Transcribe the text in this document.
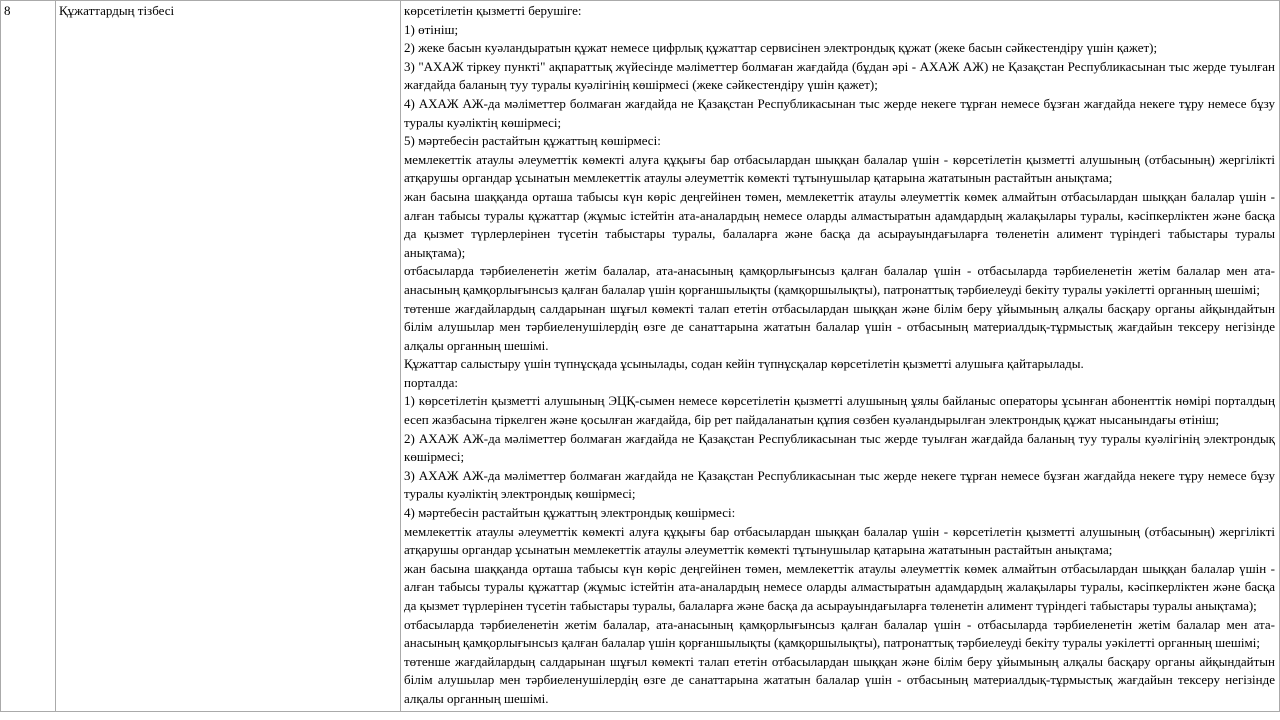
8	Құжаттардың тізбесі	көрсетілетін қызметті берушіге:

1) өтініш;

2) жеке басын куәландыратын құжат немесе цифрлық құжаттар сервисінен электрондық құжат (жеке басын сәйкестендіру үшін қажет);

3) "АХАЖ тіркеу пункті" ақпараттық жүйесінде мәліметтер болмаған жағдайда (бұдан әрі - АХАЖ АЖ) не Қазақстан Республикасынан тыс жерде туылған жағдайда баланың туу туралы куәлігінің көшірмесі (жеке сәйкестендіру үшін қажет);

4) АХАЖ АЖ-да мәліметтер болмаған жағдайда не Қазақстан Республикасынан тыс жерде некеге тұрған немесе бұзған жағдайда некеге тұру немесе бұзу туралы куәліктің көшірмесі;

5) мәртебесін растайтын құжаттың көшірмесі:

мемлекеттік атаулы әлеуметтік көмекті алуға құқығы бар отбасылардан шыққан балалар үшін - көрсетілетін қызметті алушының (отбасының) жергілікті атқарушы органдар ұсынатын мемлекеттік атаулы әлеуметтік көмекті тұтынушылар қатарына жататынын растайтын анықтама;

жан басына шаққанда орташа табысы күн көріс деңгейінен төмен, мемлекеттік атаулы әлеуметтік көмек алмайтын отбасылардан шыққан балалар үшін - алған табысы туралы құжаттар (жұмыс істейтін ата-аналардың немесе оларды алмастыратын адамдардың жалақылары туралы, кәсіпкерліктен және басқа да қызмет түрлерлерінен түсетін табыстары туралы, балаларға және басқа да асырауындағыларға төленетін алимент түріндегі табыстары туралы анықтама);

отбасыларда тәрбиеленетін жетім балалар, ата-анасының қамқорлығынсыз қалған балалар үшін - отбасыларда тәрбиеленетін жетім балалар мен ата-анасының қамқорлығынсыз қалған балалар үшін қорғаншылықты (қамқоршылықты), патронаттық тәрбиелеуді бекіту туралы уәкілетті органның шешімі;

төтенше жағдайлардың салдарынан шұғыл көмекті талап ететін отбасылардан шыққан және білім беру ұйымының алқалы басқару органы айқындайтын білім алушылар мен тәрбиеленушілердің өзге де санаттарына жататын балалар үшін - отбасының материалдық-тұрмыстық жағдайын тексеру негізінде алқалы органның шешімі.

Құжаттар салыстыру үшін түпнұсқада ұсынылады, содан кейін түпнұсқалар көрсетілетін қызметті алушыға қайтарылады.

порталда:

1) көрсетілетін қызметті алушының ЭЦҚ-сымен немесе көрсетілетін қызметті алушының ұялы байланыс операторы ұсынған абоненттік нөмірі порталдың есеп жазбасына тіркелген және қосылған жағдайда, бір рет пайдаланатын құпия сөзбен куәландырылған электрондық құжат нысанындағы өтініш;

2) АХАЖ АЖ-да мәліметтер болмаған жағдайда не Қазақстан Республикасынан тыс жерде туылған жағдайда баланың туу туралы куәлігінің электрондық көшірмесі;

3) АХАЖ АЖ-да мәліметтер болмаған жағдайда не Қазақстан Республикасынан тыс жерде некеге тұрған немесе бұзған жағдайда некеге тұру немесе бұзу туралы куәліктің электрондық көшірмесі;

4) мәртебесін растайтын құжаттың электрондық көшірмесі:

мемлекеттік атаулы әлеуметтік көмекті алуға құқығы бар отбасылардан шыққан балалар үшін - көрсетілетін қызметті алушының (отбасының) жергілікті атқарушы органдар ұсынатын мемлекеттік атаулы әлеуметтік көмекті тұтынушылар қатарына жататынын растайтын анықтама;

жан басына шаққанда орташа табысы күн көріс деңгейінен төмен, мемлекеттік атаулы әлеуметтік көмек алмайтын отбасылардан шыққан балалар үшін - алған табысы туралы құжаттар (жұмыс істейтін ата-аналардың немесе оларды алмастыратын адамдардың жалақылары туралы, кәсіпкерліктен және басқа да қызмет түрлерінен түсетін табыстары туралы, балаларға және басқа да асырауындағыларға төленетін алимент түріндегі табыстары туралы анықтама);

отбасыларда тәрбиеленетін жетім балалар, ата-анасының қамқорлығынсыз қалған балалар үшін - отбасыларда тәрбиеленетін жетім балалар мен ата-анасының қамқорлығынсыз қалған балалар үшін қорғаншылықты (қамқоршылықты), патронаттық тәрбиелеуді бекіту туралы уәкілетті органның шешімі;

төтенше жағдайлардың салдарынан шұғыл көмекті талап ететін отбасылардан шыққан және білім беру ұйымының алқалы басқару органы айқындайтын білім алушылар мен тәрбиеленушілердің өзге де санаттарына жататын балалар үшін - отбасының материалдық-тұрмыстық жағдайын тексеру негізінде алқалы органның шешімі.
